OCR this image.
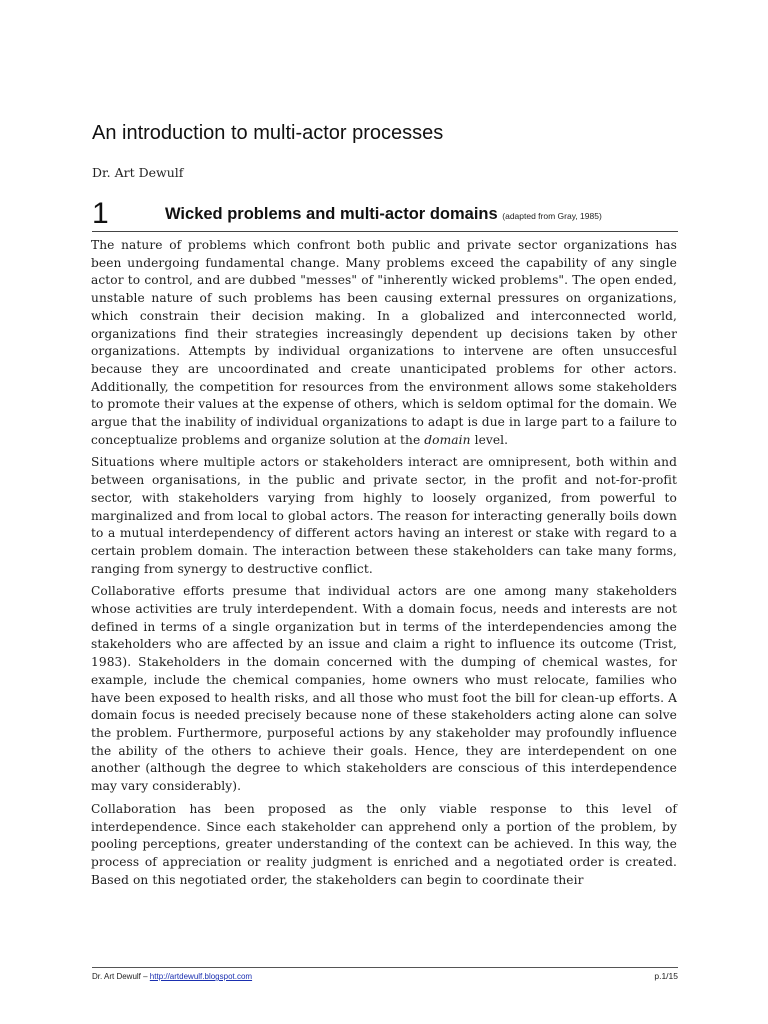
An introduction to multi-actor processes
Dr. Art Dewulf
1	Wicked problems and multi-actor domains (adapted from Gray, 1985)

The nature of problems which confront both public and private sector organizations has been undergoing fundamental change. Many problems exceed the capability of any single actor to control, and are dubbed "messes" of "inherently wicked problems". The open ended, unstable nature of such problems has been causing external pressures on organizations, which constrain their decision making. In a globalized and interconnected world, organizations find their strategies increasingly dependent up decisions taken by other organizations. Attempts by individual organizations to intervene are often unsuccesful because they are uncoordinated and create unanticipated problems for other actors. Additionally, the competition for resources from the environment allows some stakeholders to promote their values at the expense of others, which is seldom optimal for the domain. We argue that the inability of individual organizations to adapt is due in large part to a failure to conceptualize problems and organize solution at the domain level.

Situations where multiple actors or stakeholders interact are omnipresent, both within and between organisations, in the public and private sector, in the profit and not-for-profit sector, with stakeholders varying from highly to loosely organized, from powerful to marginalized and from local to global actors. The reason for interacting generally boils down to a mutual interdependency of different actors having an interest or stake with regard to a certain problem domain. The interaction between these stakeholders can take many forms, ranging from synergy to destructive conflict.

Collaborative efforts presume that individual actors are one among many stakeholders whose activities are truly interdependent. With a domain focus, needs and interests are not defined in terms of a single organization but in terms of the interdependencies among the stakeholders who are affected by an issue and claim a right to influence its outcome (Trist, 1983). Stakeholders in the domain concerned with the dumping of chemical wastes, for example, include the chemical companies, home owners who must relocate, families who have been exposed to health risks, and all those who must foot the bill for clean-up efforts. A domain focus is needed precisely because none of these stakeholders acting alone can solve the problem. Furthermore, purposeful actions by any stakeholder may profoundly influence the ability of the others to achieve their goals. Hence, they are interdependent on one another (although the degree to which stakeholders are conscious of this interdependence may vary considerably).

Collaboration has been proposed as the only viable response to this level of interdependence. Since each stakeholder can apprehend only a portion of the problem, by pooling perceptions, greater understanding of the context can be achieved. In this way, the process of appreciation or reality judgment is enriched and a negotiated order is created. Based on this negotiated order, the stakeholders can begin to coordinate their

Dr. Art Dewulf – http://artdewulf.blogspot.com	p.1/15
